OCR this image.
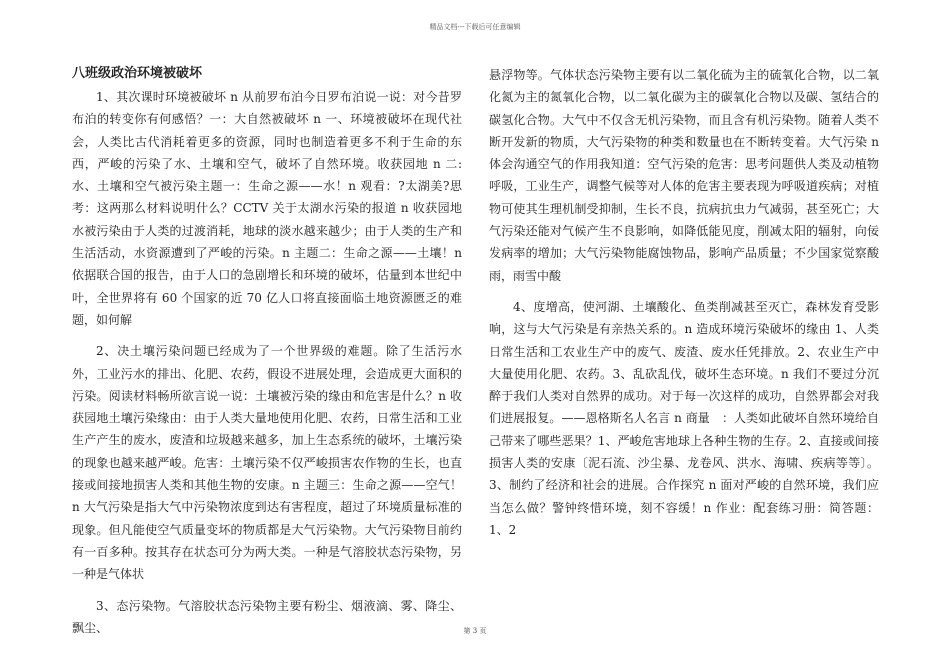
精品文档---下载后可任意编辑
八班级政治环境被破坏

1、其次课时环境被破坏 n 从前罗布泊今日罗布泊说一说：对今昔罗布泊的转变你有何感悟？一：大自然被破坏 n 一、环境被破坏在现代社会，人类比古代消耗着更多的资源，同时也制造着更多不利于生命的东西，严峻的污染了水、土壤和空气，破坏了自然环境。收获园地 n 二:水、土壤和空气被污染主题一：生命之源——水！n 观看：?太湖美?思考：这两那么材料说明什么？CCTV 关于太湖水污染的报道 n 收获园地水被污染由于人类的过渡消耗，地球的淡水越来越少；由于人类的生产和生活活动，水资源遭到了严峻的污染。n 主题二：生命之源——土壤！n 依据联合国的报告，由于人口的急剧增长和环境的破坏，估量到本世纪中叶，全世界将有 60 个国家的近 70 亿人口将直接面临土地资源匮乏的难题，如何解

2、决土壤污染问题已经成为了一个世界级的难题。除了生活污水外，工业污水的排出、化肥、农药，假设不进展处理，会造成更大面积的污染。阅读材料畅所欲言说一说：土壤被污染的缘由和危害是什么？n 收获园地土壤污染缘由：由于人类大量地使用化肥、农药，日常生活和工业生产产生的废水，废渣和垃圾越来越多，加上生态系统的破坏，土壤污染的现象也越来越严峻。危害：土壤污染不仅严峻损害农作物的生长，也直接或间接地损害人类和其他生物的安康。n 主题三：生命之源——空气！n 大气污染是指大气中污染物浓度到达有害程度，超过了环境质量标准的现象。但凡能使空气质量变坏的物质都是大气污染物。大气污染物目前约有一百多种。按其存在状态可分为两大类。一种是气溶胶状态污染物，另一种是气体状

3、态污染物。气溶胶状态污染物主要有粉尘、烟液滴、雾、降尘、飘尘、

悬浮物等。气体状态污染物主要有以二氧化硫为主的硫氧化合物，以二氧化氮为主的氮氧化合物，以二氧化碳为主的碳氧化合物以及碳、氢结合的碳氢化合物。大气中不仅含无机污染物，而且含有机污染物。随着人类不断开发新的物质，大气污染物的种类和数量也在不断转变着。大气污染 n 体会沟通空气的作用我知道：空气污染的危害：思考问题供人类及动植物呼吸，工业生产，调整气候等对人体的危害主要表现为呼吸道疾病；对植物可使其生理机制受抑制，生长不良，抗病抗虫力气减弱，甚至死亡；大气污染还能对气候产生不良影响，如降低能见度，削减太阳的辐射，向佞发病率的增加；大气污染物能腐蚀物品，影响产品质量；不少国家觉察酸雨，雨雪中酸

4、度增高，使河湖、土壤酸化、鱼类削减甚至灭亡，森林发育受影响，这与大气污染是有亲热关系的。n 造成环境污染破坏的缘由 1、人类日常生活和工农业生产中的废气、废渣、废水任凭排放。2、农业生产中大量使用化肥、农药。3、乱砍乱伐，破坏生态环境。n 我们不要过分沉醉于我们人类对自然界的成功。对于每一次这样的成功，自然界都会对我们进展报复。——恩格斯名人名言 n 商量　：人类如此破坏自然环境给自己带来了哪些恶果？1、严峻危害地球上各种生物的生存。2、直接或间接损害人类的安康〔泥石流、沙尘暴、龙卷风、洪水、海啸、疾病等等〕。3、制约了经济和社会的进展。合作探究 n 面对严峻的自然环境，我们应当怎么做？警钟终惜环境，刻不容缓！n 作业：配套练习册：简答题：1、2

第 3 页
